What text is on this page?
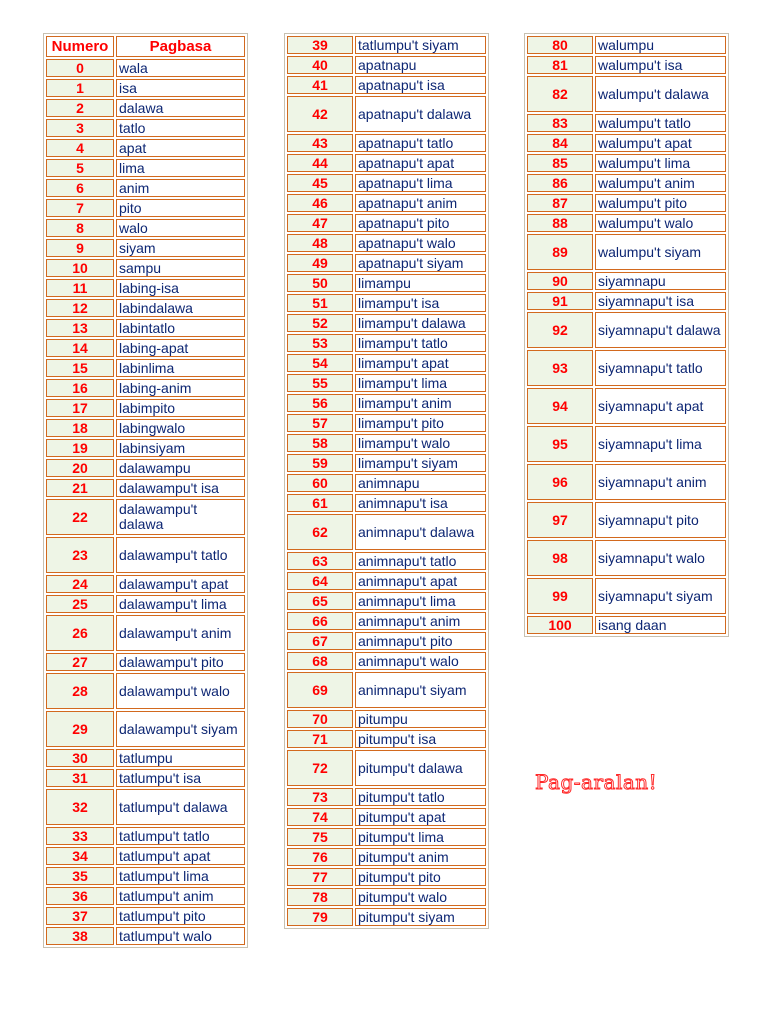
Numero	Pagbasa
0	wala
1	isa
2	dalawa
3	tatlo
4	apat
5	lima
6	anim
7	pito
8	walo
9	siyam
10	sampu
11	labing-isa
12	labindalawa
13	labintatlo
14	labing-apat
15	labinlima
16	labing-anim
17	labimpito
18	labingwalo
19	labinsiyam
20	dalawampu
21	dalawampu't isa
22	dalawampu't dalawa
23	dalawampu't tatlo
24	dalawampu't apat
25	dalawampu't lima
26	dalawampu't anim
27	dalawampu't pito
28	dalawampu't walo
29	dalawampu't siyam
30	tatlumpu
31	tatlumpu't isa
32	tatlumpu't dalawa
33	tatlumpu't tatlo
34	tatlumpu't apat
35	tatlumpu't lima
36	tatlumpu't anim
37	tatlumpu't pito
38	tatlumpu't walo
39	tatlumpu't siyam
40	apatnapu
41	apatnapu't isa
42	apatnapu't dalawa
43	apatnapu't tatlo
44	apatnapu't apat
45	apatnapu't lima
46	apatnapu't anim
47	apatnapu't pito
48	apatnapu't walo
49	apatnapu't siyam
50	limampu
51	limampu't isa
52	limampu't dalawa
53	limampu't tatlo
54	limampu't apat
55	limampu't lima
56	limampu't anim
57	limampu't pito
58	limampu't walo
59	limampu't siyam
60	animnapu
61	animnapu't isa
62	animnapu't dalawa
63	animnapu't tatlo
64	animnapu't apat
65	animnapu't lima
66	animnapu't anim
67	animnapu't pito
68	animnapu't walo
69	animnapu't siyam
70	pitumpu
71	pitumpu't isa
72	pitumpu't dalawa
73	pitumpu't tatlo
74	pitumpu't apat
75	pitumpu't lima
76	pitumpu't anim
77	pitumpu't pito
78	pitumpu't walo
79	pitumpu't siyam
80	walumpu
81	walumpu't isa
82	walumpu't dalawa
83	walumpu't tatlo
84	walumpu't apat
85	walumpu't lima
86	walumpu't anim
87	walumpu't pito
88	walumpu't walo
89	walumpu't siyam
90	siyamnapu
91	siyamnapu't isa
92	siyamnapu't dalawa
93	siyamnapu't tatlo
94	siyamnapu't apat
95	siyamnapu't lima
96	siyamnapu't anim
97	siyamnapu't pito
98	siyamnapu't walo
99	siyamnapu't siyam
100	isang daan
Pag-aralan!
